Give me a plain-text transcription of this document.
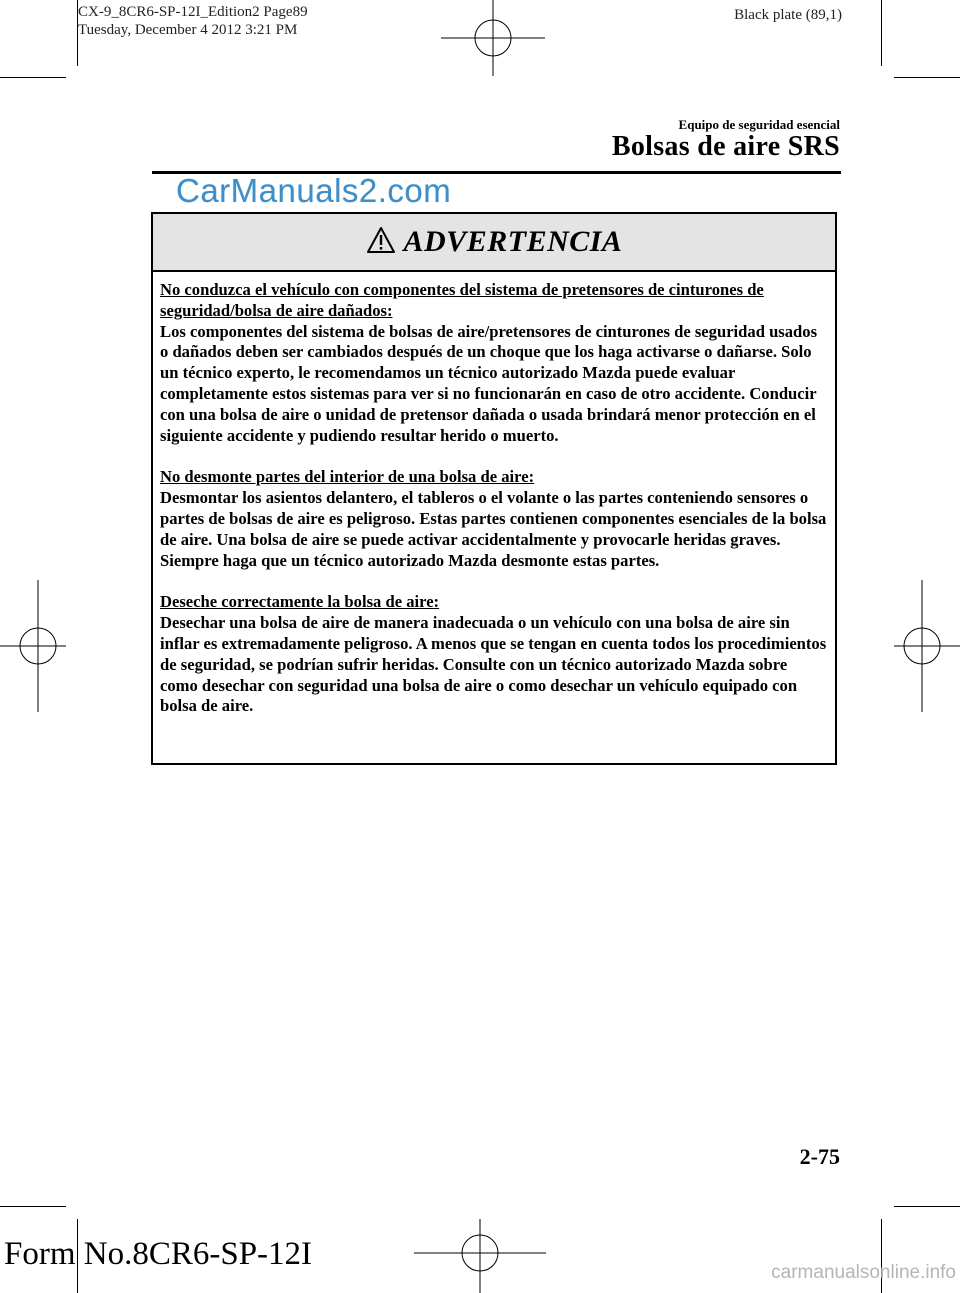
CX-9_8CR6-SP-12I_Edition2 Page89
Tuesday, December 4 2012 3:21 PM
Black plate (89,1)
Equipo de seguridad esencial
Bolsas de aire SRS
CarManuals2.com
ADVERTENCIA

No conduzca el vehículo con componentes del sistema de pretensores de cinturones de seguridad/bolsa de aire dañados:
Los componentes del sistema de bolsas de aire/pretensores de cinturones de seguridad usados o dañados deben ser cambiados después de un choque que los haga activarse o dañarse. Solo un técnico experto, le recomendamos un técnico autorizado Mazda puede evaluar completamente estos sistemas para ver si no funcionarán en caso de otro accidente. Conducir con una bolsa de aire o unidad de pretensor dañada o usada brindará menor protección en el siguiente accidente y pudiendo resultar herido o muerto.

No desmonte partes del interior de una bolsa de aire:
Desmontar los asientos delantero, el tableros o el volante o las partes conteniendo sensores o partes de bolsas de aire es peligroso. Estas partes contienen componentes esenciales de la bolsa de aire. Una bolsa de aire se puede activar accidentalmente y provocarle heridas graves. Siempre haga que un técnico autorizado Mazda desmonte estas partes.

Deseche correctamente la bolsa de aire:
Desechar una bolsa de aire de manera inadecuada o un vehículo con una bolsa de aire sin inflar es extremadamente peligroso. A menos que se tengan en cuenta todos los procedimientos de seguridad, se podrían sufrir heridas. Consulte con un técnico autorizado Mazda sobre como desechar con seguridad una bolsa de aire o como desechar un vehículo equipado con bolsa de aire.

2-75
Form No.8CR6-SP-12I
carmanualsonline.info
